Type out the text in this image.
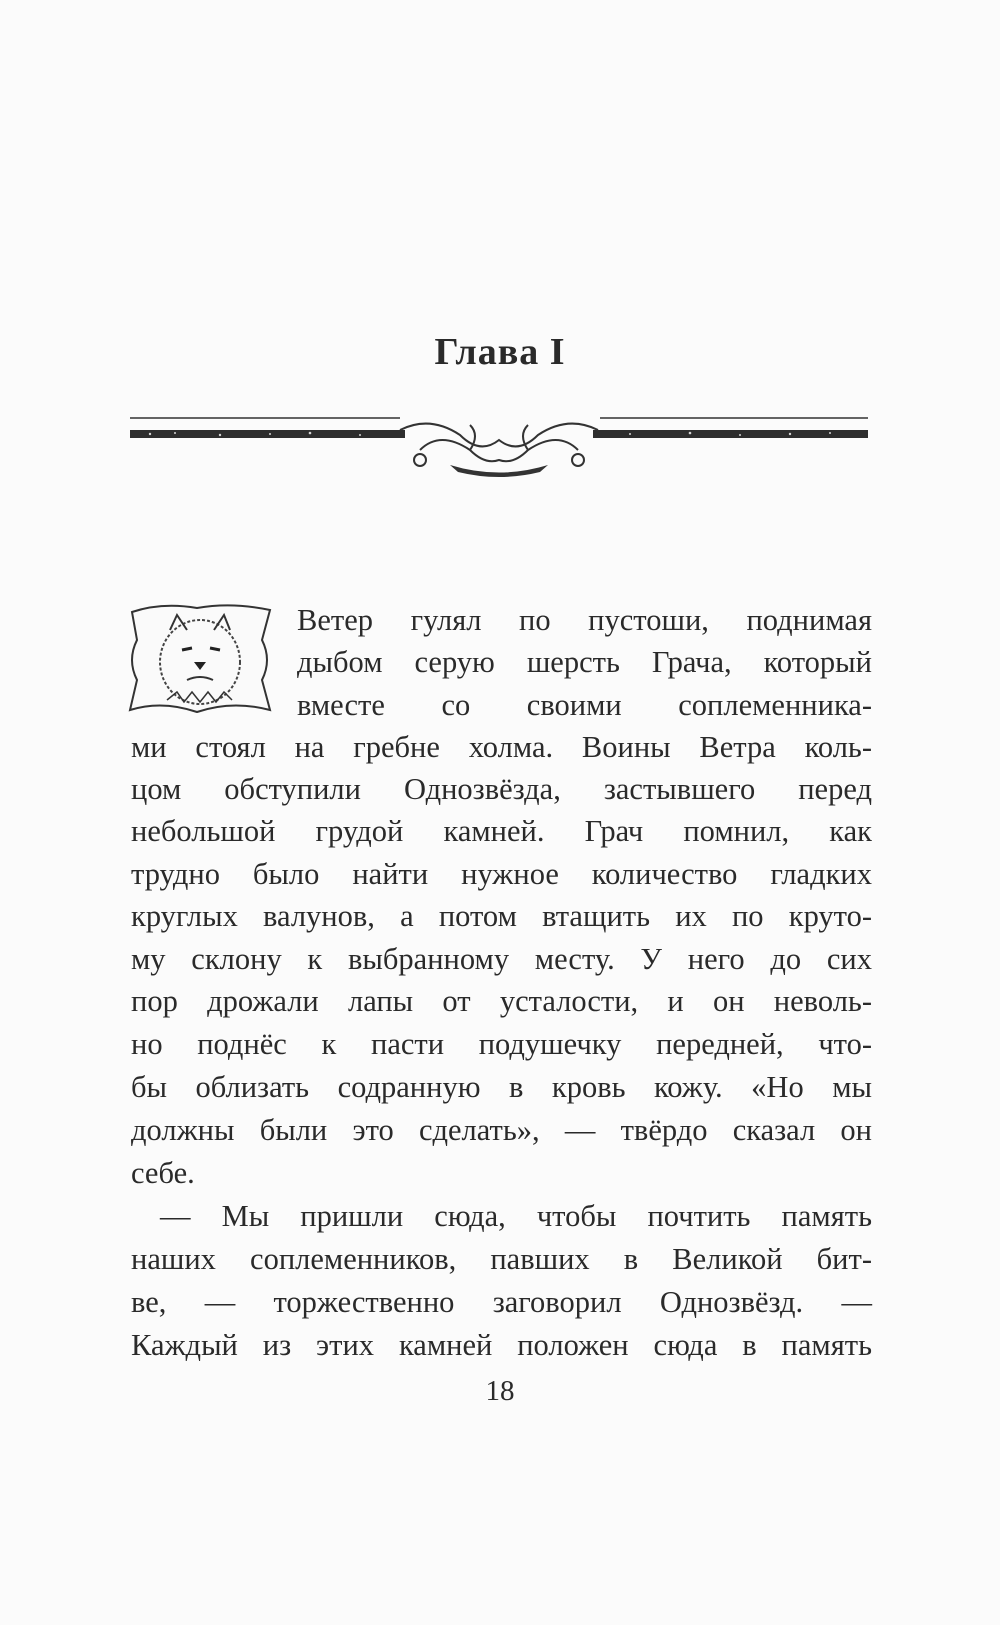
Глава I
Ветер гулял по пустоши, поднимая
дыбом серую шерсть Грача, который
вместе со своими соплеменника-
ми стоял на гребне холма. Воины Ветра коль-
цом обступили Однозвёзда, застывшего перед
небольшой грудой камней. Грач помнил, как
трудно было найти нужное количество гладких
круглых валунов, а потом втащить их по круто-
му склону к выбранному месту. У него до сих
пор дрожали лапы от усталости, и он неволь-
но поднёс к пасти подушечку передней, что-
бы облизать содранную в кровь кожу. «Но мы
должны были это сделать», — твёрдо сказал он
себе.
— Мы пришли сюда, чтобы почтить память
наших соплеменников, павших в Великой бит-
ве, — торжественно заговорил Однозвёзд. —
Каждый из этих камней положен сюда в память
18
